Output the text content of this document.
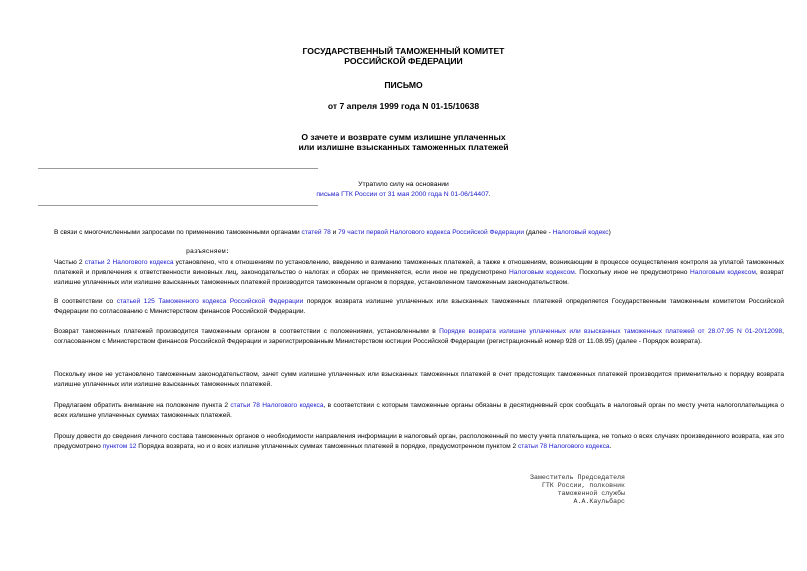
ГОСУДАРСТВЕННЫЙ ТАМОЖЕННЫЙ КОМИТЕТ
РОССИЙСКОЙ ФЕДЕРАЦИИ
ПИСЬМО
от 7 апреля 1999 года N 01-15/10638
О зачете и возврате сумм излишне уплаченных
или излишне взысканных таможенных платежей
Утратило силу на основании
письма ГТК России от 31 мая 2000 года N 01-06/14407.
В связи с многочисленными запросами по применению таможенными органами статей 78 и 79 части первой Налогового кодекса Российской Федерации (далее - Налоговый кодекс)
разъясняем:
Частью 2 статьи 2 Налогового кодекса установлено, что к отношениям по установлению, введению и взиманию таможенных платежей, а также к отношениям, возникающим в процессе осуществления контроля за уплатой таможенных платежей и привлечения к ответственности виновных лиц, законодательство о налогах и сборах не применяется, если иное не предусмотрено Налоговым кодексом. Поскольку иное не предусмотрено Налоговым кодексом, возврат излишне уплаченных или излишне взысканных таможенных платежей производится таможенным органом в порядке, установленном таможенным законодательством.
В соответствии со статьей 125 Таможенного кодекса Российской Федерации порядок возврата излишне уплаченных или взысканных таможенных платежей определяется Государственным таможенным комитетом Российской Федерации по согласованию с Министерством финансов Российской Федерации.
Возврат таможенных платежей производится таможенным органом в соответствии с положениями, установленными в Порядке возврата излишне уплаченных или взысканных таможенных платежей от 28.07.95 N 01-20/12098, согласованном с Министерством финансов Российской Федерации и зарегистрированным Министерством юстиции Российской Федерации (регистрационный номер 928 от 11.08.95) (далее - Порядок возврата).
Поскольку иное не установлено таможенным законодательством, зачет сумм излишне уплаченных или взысканных таможенных платежей в счет предстоящих таможенных платежей производится применительно к порядку возврата излишне уплаченных или излишне взысканных таможенных платежей.
Предлагаем обратить внимание на положение пункта 2 статьи 78 Налогового кодекса, в соответствии с которым таможенные органы обязаны в десятидневный срок сообщать в налоговый орган по месту учета налогоплательщика о всех излишне уплаченных суммах таможенных платежей.
Прошу довести до сведения личного состава таможенных органов о необходимости направления информации в налоговый орган, расположенный по месту учета плательщика, не только о всех случаях произведенного возврата, как это предусмотрено пунктом 12 Порядка возврата, но и о всех излишне уплаченных суммах таможенных платежей в порядке, предусмотренном пунктом 2 статьи 78 Налогового кодекса.
Заместитель Председателя
ГТК России, полковник
таможенной службы
А.А.Каульбарс
